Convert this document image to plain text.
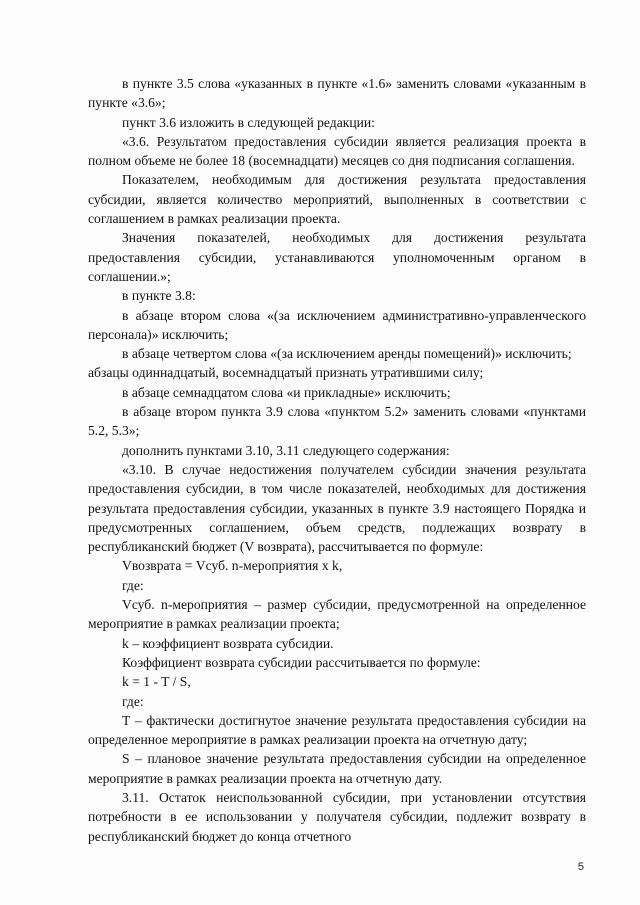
в пункте 3.5 слова «указанных в пункте «1.6» заменить словами «указанным в пункте «3.6»;

пункт 3.6 изложить в следующей редакции:

«3.6. Результатом предоставления субсидии является реализация проекта в полном объеме не более 18 (восемнадцати) месяцев со дня подписания соглашения.

Показателем, необходимым для достижения результата предоставления субсидии, является количество мероприятий, выполненных в соответствии с соглашением в рамках реализации проекта.

Значения показателей, необходимых для достижения результата предоставления субсидии, устанавливаются уполномоченным органом в соглашении.»;

в пункте 3.8:

в абзаце втором слова «(за исключением административно-управленческого персонала)» исключить;

в абзаце четвертом слова «(за исключением аренды помещений)» исключить;

абзацы одиннадцатый, восемнадцатый признать утратившими силу;

в абзаце семнадцатом слова «и прикладные» исключить;

в абзаце втором пункта 3.9 слова «пунктом 5.2» заменить словами «пунктами 5.2, 5.3»;

дополнить пунктами 3.10, 3.11 следующего содержания:

«3.10. В случае недостижения получателем субсидии значения результата предоставления субсидии, в том числе показателей, необходимых для достижения результата предоставления субсидии, указанных в пункте 3.9 настоящего Порядка и предусмотренных соглашением, объем средств, подлежащих возврату в республиканский бюджет (V возврата), рассчитывается по формуле:

Vвозврата = Vсуб. n-мероприятия x k,

где:

Vсуб. n-мероприятия – размер субсидии, предусмотренной на определенное мероприятие в рамках реализации проекта;

k – коэффициент возврата субсидии.

Коэффициент возврата субсидии рассчитывается по формуле:

k = 1 - T / S,

где:

Т – фактически достигнутое значение результата предоставления субсидии на определенное мероприятие в рамках реализации проекта на отчетную дату;

S – плановое значение результата предоставления субсидии на определенное мероприятие в рамках реализации проекта на отчетную дату.

3.11. Остаток неиспользованной субсидии, при установлении отсутствия потребности в ее использовании у получателя субсидии, подлежит возврату в республиканский бюджет до конца отчетного

5
